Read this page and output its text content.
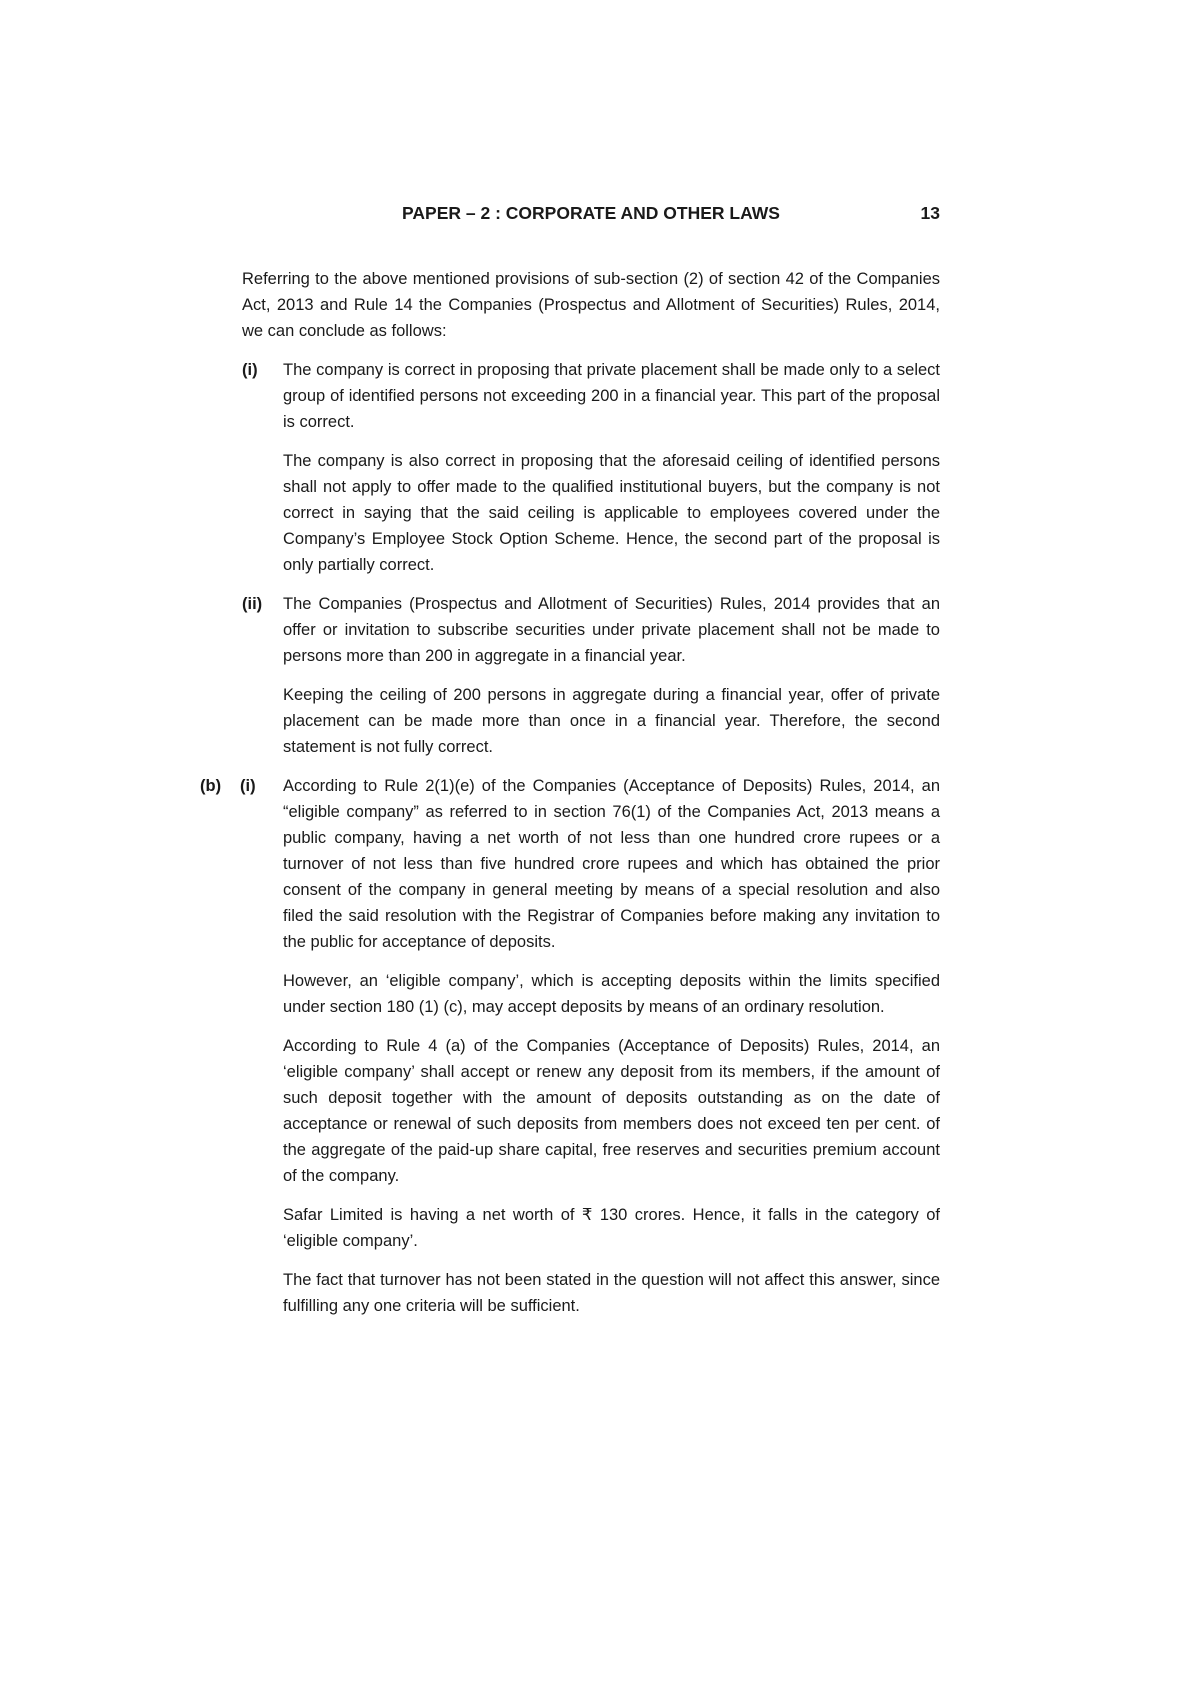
PAPER – 2 : CORPORATE AND OTHER LAWS	13

Referring to the above mentioned provisions of sub-section (2) of section 42 of the Companies Act, 2013 and Rule 14 the Companies (Prospectus and Allotment of Securities) Rules, 2014, we can conclude as follows:

(i)	The company is correct in proposing that private placement shall be made only to a select group of identified persons not exceeding 200 in a financial year. This part of the proposal is correct.

The company is also correct in proposing that the aforesaid ceiling of identified persons shall not apply to offer made to the qualified institutional buyers, but the company is not correct in saying that the said ceiling is applicable to employees covered under the Company’s Employee Stock Option Scheme. Hence, the second part of the proposal is only partially correct.

(ii)	The Companies (Prospectus and Allotment of Securities) Rules, 2014 provides that an offer or invitation to subscribe securities under private placement shall not be made to persons more than 200 in aggregate in a financial year.

Keeping the ceiling of 200 persons in aggregate during a financial year, offer of private placement can be made more than once in a financial year. Therefore, the second statement is not fully correct.

(b)	(i)	According to Rule 2(1)(e) of the Companies (Acceptance of Deposits) Rules, 2014, an “eligible company” as referred to in section 76(1) of the Companies Act, 2013 means a public company, having a net worth of not less than one hundred crore rupees or a turnover of not less than five hundred crore rupees and which has obtained the prior consent of the company in general meeting by means of a special resolution and also filed the said resolution with the Registrar of Companies before making any invitation to the public for acceptance of deposits.

However, an ‘eligible company’, which is accepting deposits within the limits specified under section 180 (1) (c), may accept deposits by means of an ordinary resolution.

According to Rule 4 (a) of the Companies (Acceptance of Deposits) Rules, 2014, an ‘eligible company’ shall accept or renew any deposit from its members, if the amount of such deposit together with the amount of deposits outstanding as on the date of acceptance or renewal of such deposits from members does not exceed ten per cent. of the aggregate of the paid-up share capital, free reserves and securities premium account of the company.

Safar Limited is having a net worth of ₹ 130 crores. Hence, it falls in the category of ‘eligible company’.

The fact that turnover has not been stated in the question will not affect this answer, since fulfilling any one criteria will be sufficient.
